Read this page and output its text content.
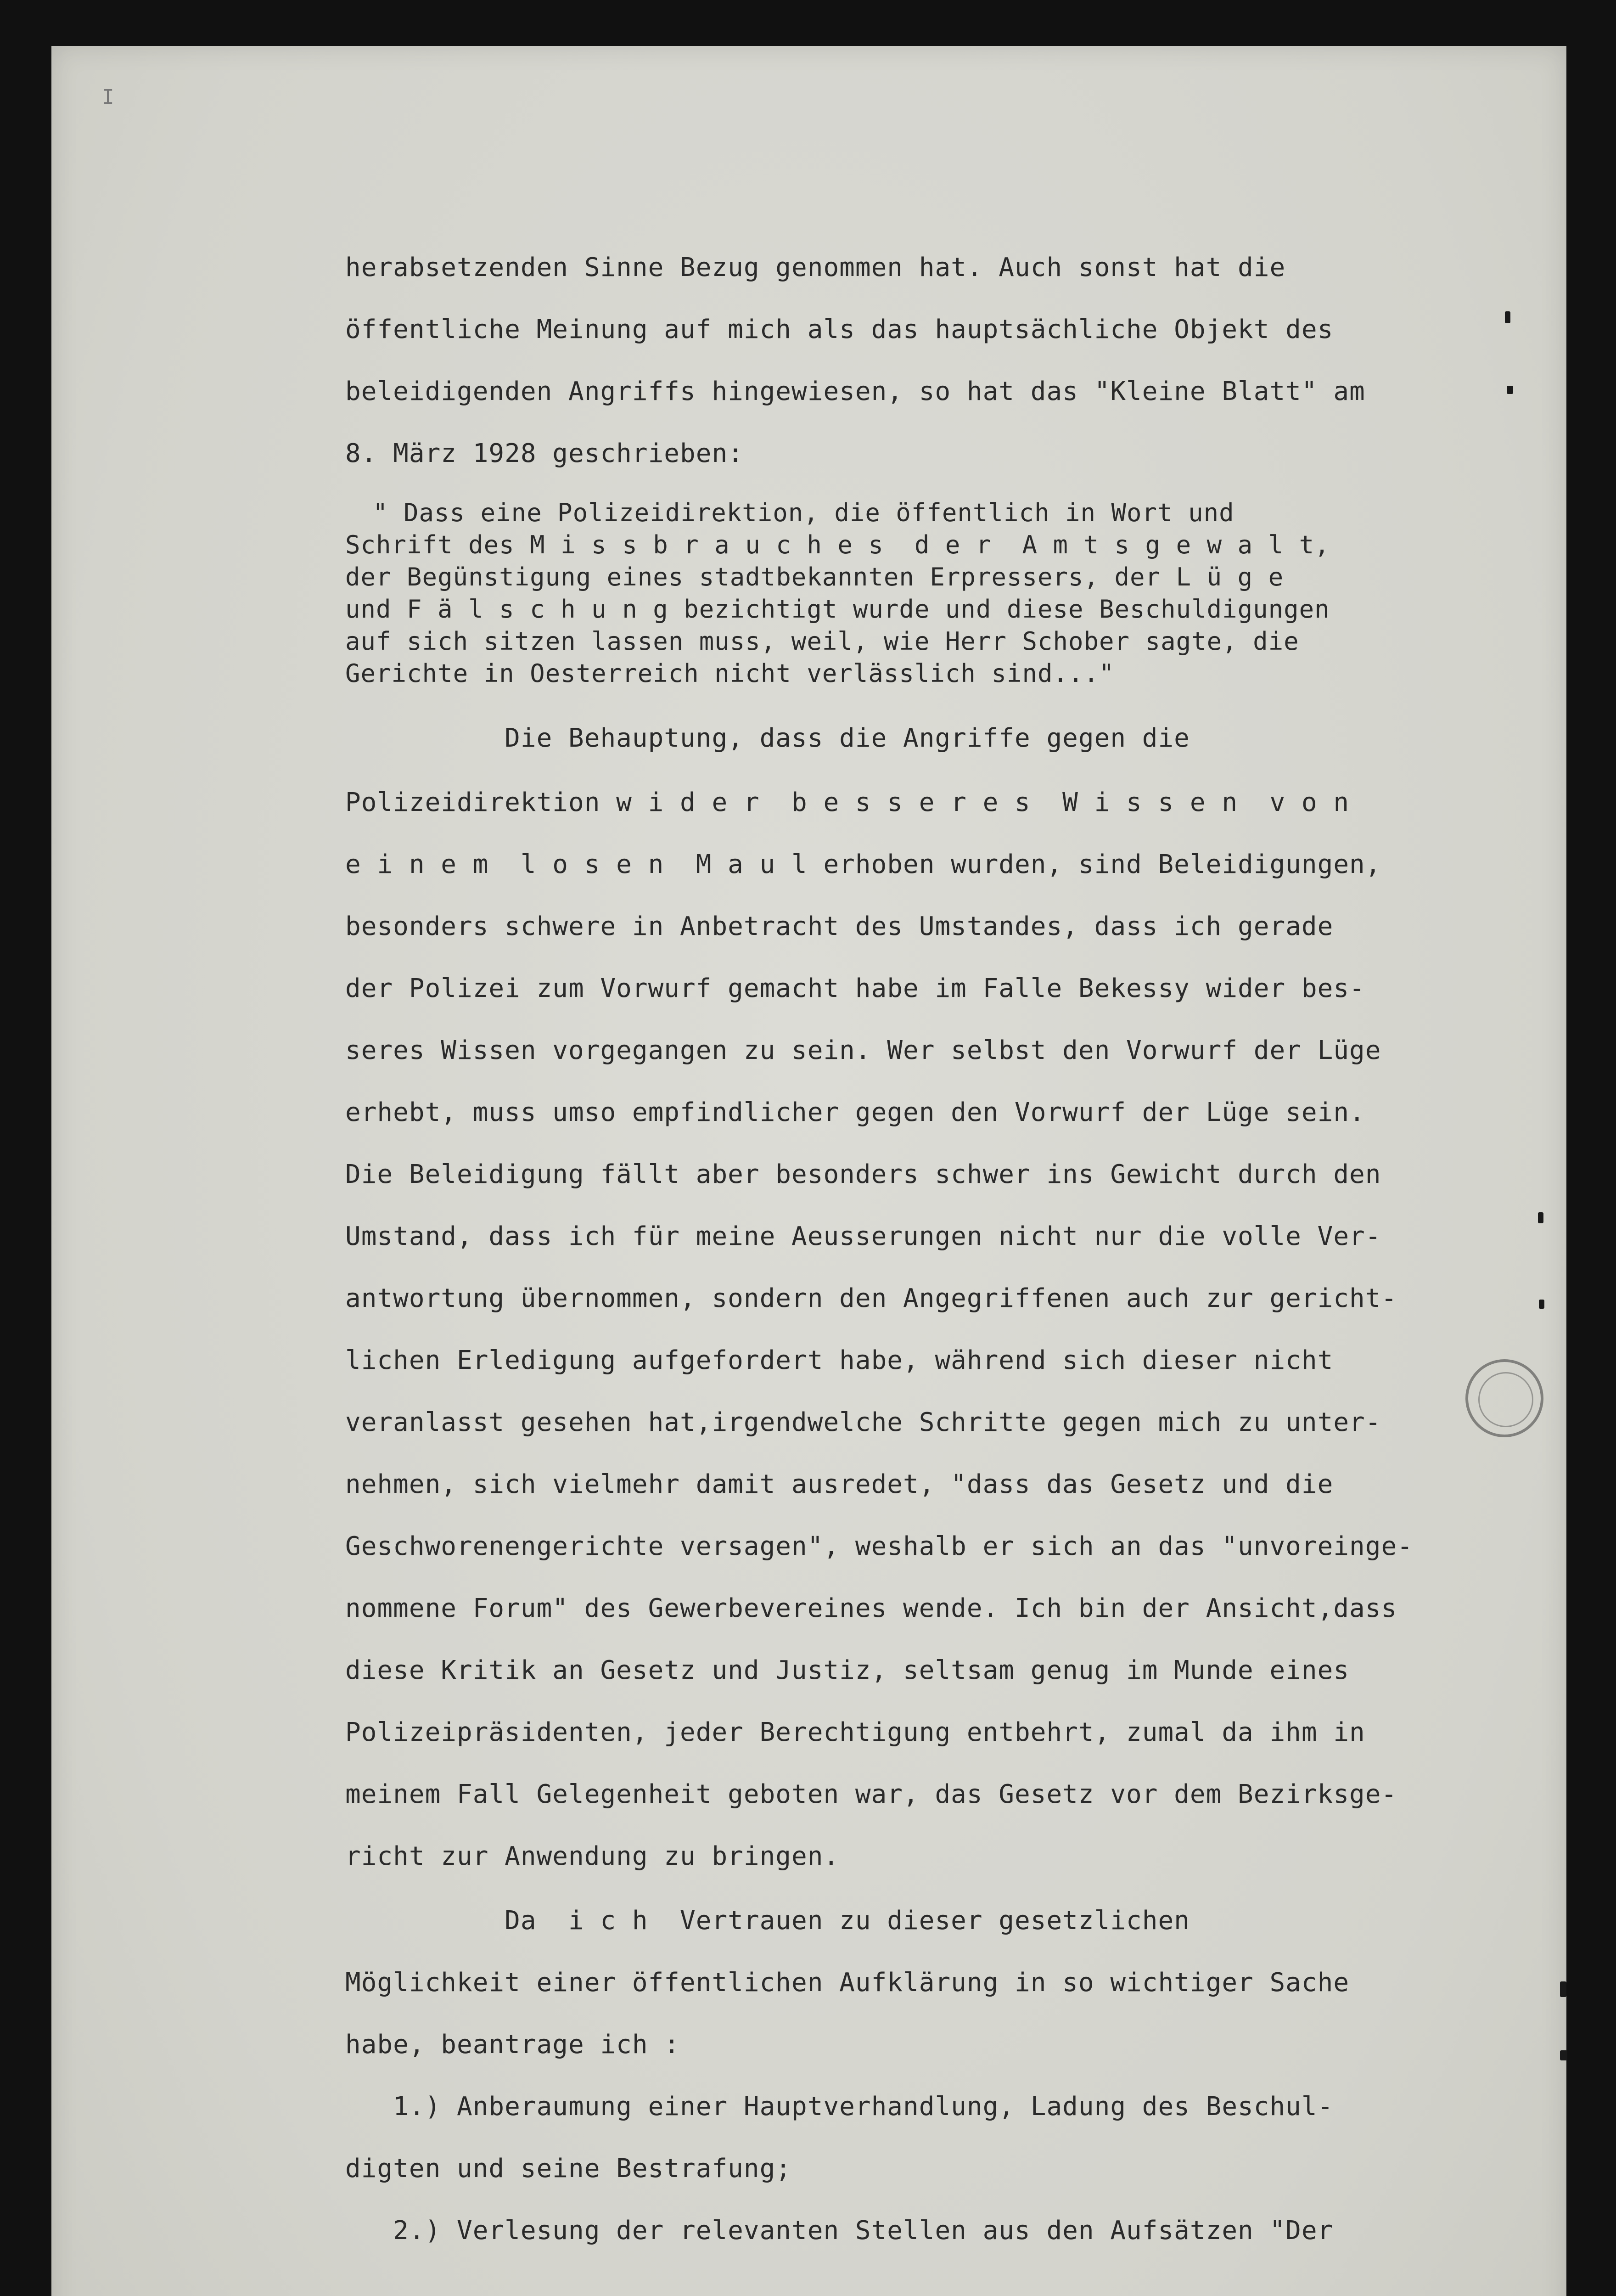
I

herabsetzenden Sinne Bezug genommen hat. Auch sonst hat die

öffentliche Meinung auf mich als das hauptsächliche Objekt des

beleidigenden Angriffs hingewiesen, so hat das "Kleine Blatt" am

8. März 1928 geschrieben:

" Dass eine Polizeidirektion, die öffentlich in Wort und

Schrift des M i s s b r a u c h e s  d e r  A m t s g e w a l t,

der Begünstigung eines stadtbekannten Erpressers, der L ü g e

und F ä l s c h u n g bezichtigt wurde und diese Beschuldigungen

auf sich sitzen lassen muss, weil, wie Herr Schober sagte, die

Gerichte in Oesterreich nicht verlässlich sind..."

Die Behauptung, dass die Angriffe gegen die

Polizeidirektion w i d e r  b e s s e r e s  W i s s e n  v o n

e i n e m  l o s e n  M a u l erhoben wurden, sind Beleidigungen,

besonders schwere in Anbetracht des Umstandes, dass ich gerade

der Polizei zum Vorwurf gemacht habe im Falle Bekessy wider bes-

seres Wissen vorgegangen zu sein. Wer selbst den Vorwurf der Lüge

erhebt, muss umso empfindlicher gegen den Vorwurf der Lüge sein.

Die Beleidigung fällt aber besonders schwer ins Gewicht durch den

Umstand, dass ich für meine Aeusserungen nicht nur die volle Ver-

antwortung übernommen, sondern den Angegriffenen auch zur gericht-

lichen Erledigung aufgefordert habe, während sich dieser nicht

veranlasst gesehen hat,irgendwelche Schritte gegen mich zu unter-

nehmen, sich vielmehr damit ausredet, "dass das Gesetz und die

Geschworenengerichte versagen", weshalb er sich an das "unvoreinge-

nommene Forum" des Gewerbevereines wende. Ich bin der Ansicht,dass

diese Kritik an Gesetz und Justiz, seltsam genug im Munde eines

Polizeipräsidenten, jeder Berechtigung entbehrt, zumal da ihm in

meinem Fall Gelegenheit geboten war, das Gesetz vor dem Bezirksge-

richt zur Anwendung zu bringen.

Da  i c h  Vertrauen zu dieser gesetzlichen

Möglichkeit einer öffentlichen Aufklärung in so wichtiger Sache

habe, beantrage ich :

1.) Anberaumung einer Hauptverhandlung, Ladung des Beschul-

digten und seine Bestrafung;

2.) Verlesung der relevanten Stellen aus den Aufsätzen "Der
